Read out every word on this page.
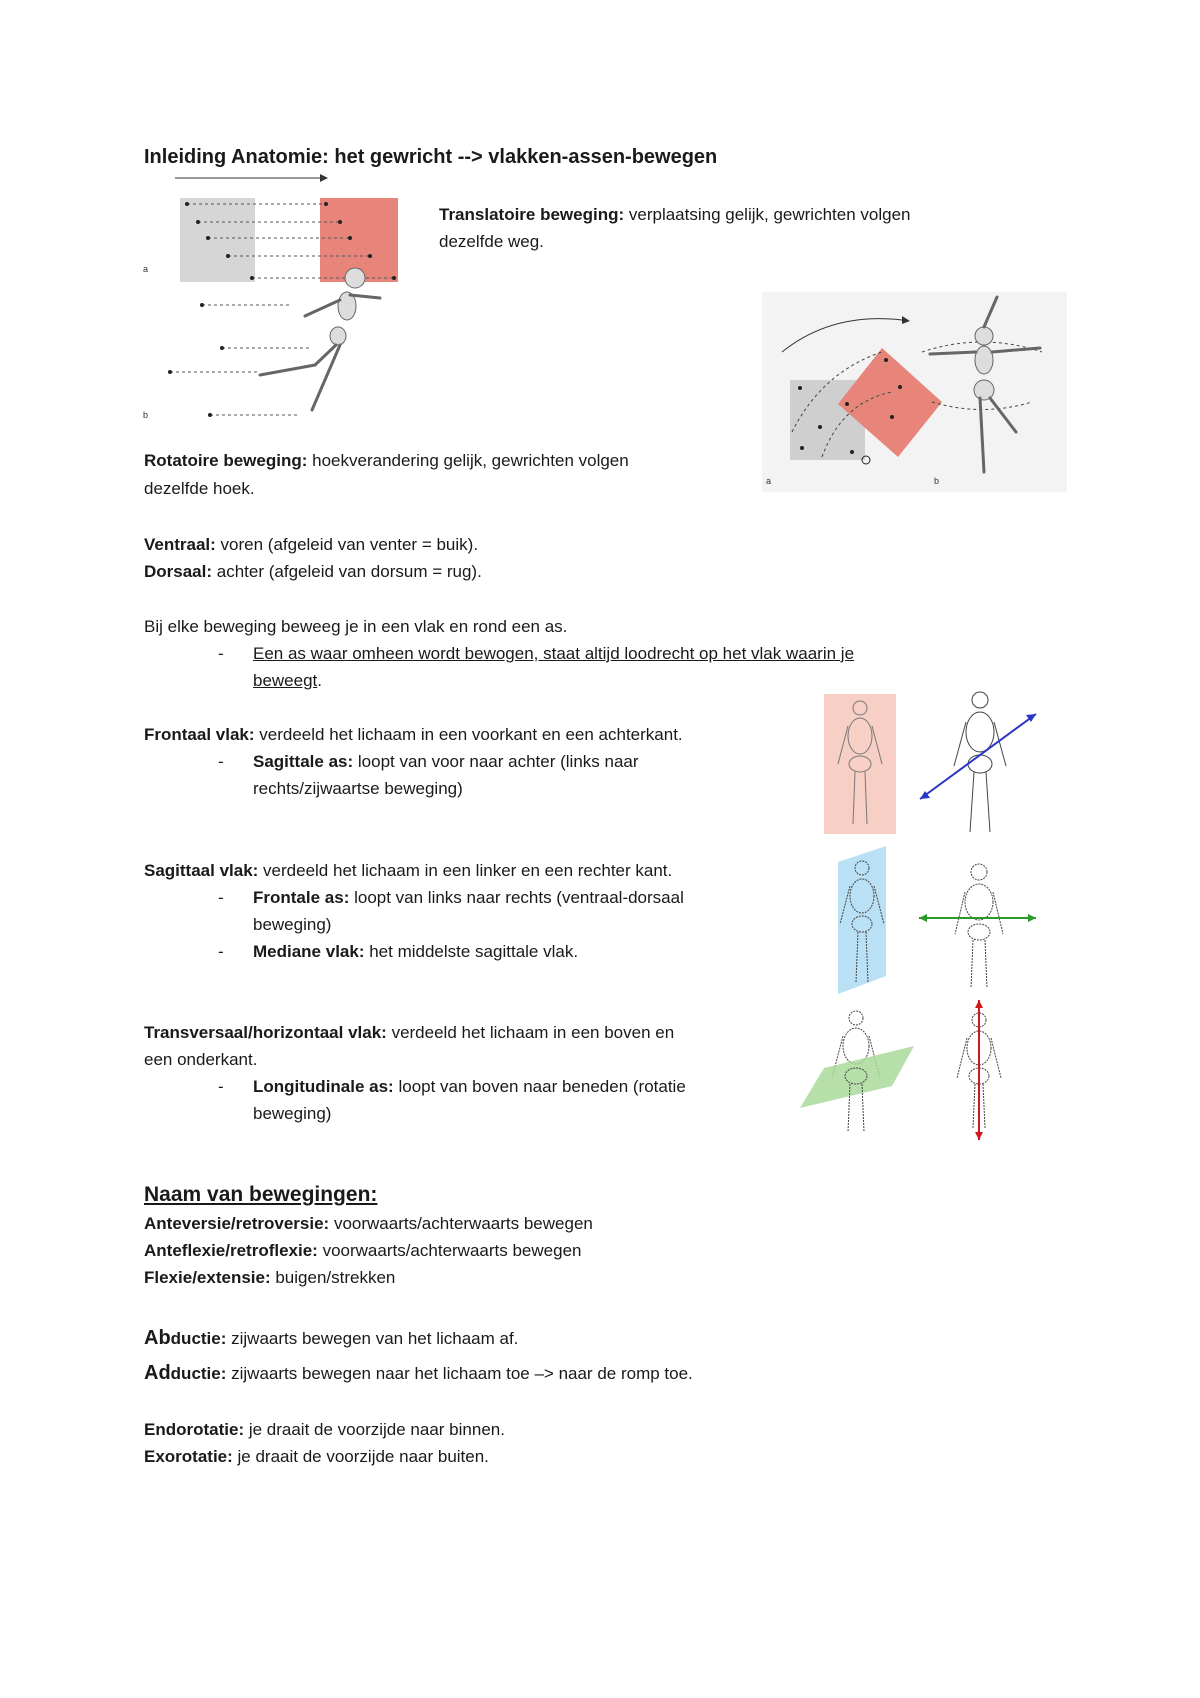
Inleiding Anatomie: het gewricht --> vlakken-assen-bewegen
a
b
a	b
Translatoire beweging: verplaatsing gelijk, gewrichten volgen
dezelfde weg.
Rotatoire beweging: hoekverandering gelijk, gewrichten volgen
dezelfde hoek.
Ventraal: voren (afgeleid van venter = buik).
Dorsaal: achter (afgeleid van dorsum = rug).
Bij elke beweging beweeg je in een vlak en rond een as.
- Een as waar omheen wordt bewogen, staat altijd loodrecht op het vlak waarin je
beweegt.
Frontaal vlak: verdeeld het lichaam in een voorkant en een achterkant.
- Sagittale as: loopt van voor naar achter (links naar
rechts/zijwaartse beweging)
Sagittaal vlak: verdeeld het lichaam in een linker en een rechter kant.
- Frontale as: loopt van links naar rechts (ventraal-dorsaal
beweging)
- Mediane vlak: het middelste sagittale vlak.
Transversaal/horizontaal vlak: verdeeld het lichaam in een boven en
een onderkant.
- Longitudinale as: loopt van boven naar beneden (rotatie
beweging)
Naam van bewegingen:
Anteversie/retroversie: voorwaarts/achterwaarts bewegen
Anteflexie/retroflexie: voorwaarts/achterwaarts bewegen
Flexie/extensie: buigen/strekken
Abductie: zijwaarts bewegen van het lichaam af.
Adductie: zijwaarts bewegen naar het lichaam toe –> naar de romp toe.
Endorotatie: je draait de voorzijde naar binnen.
Exorotatie: je draait de voorzijde naar buiten.
